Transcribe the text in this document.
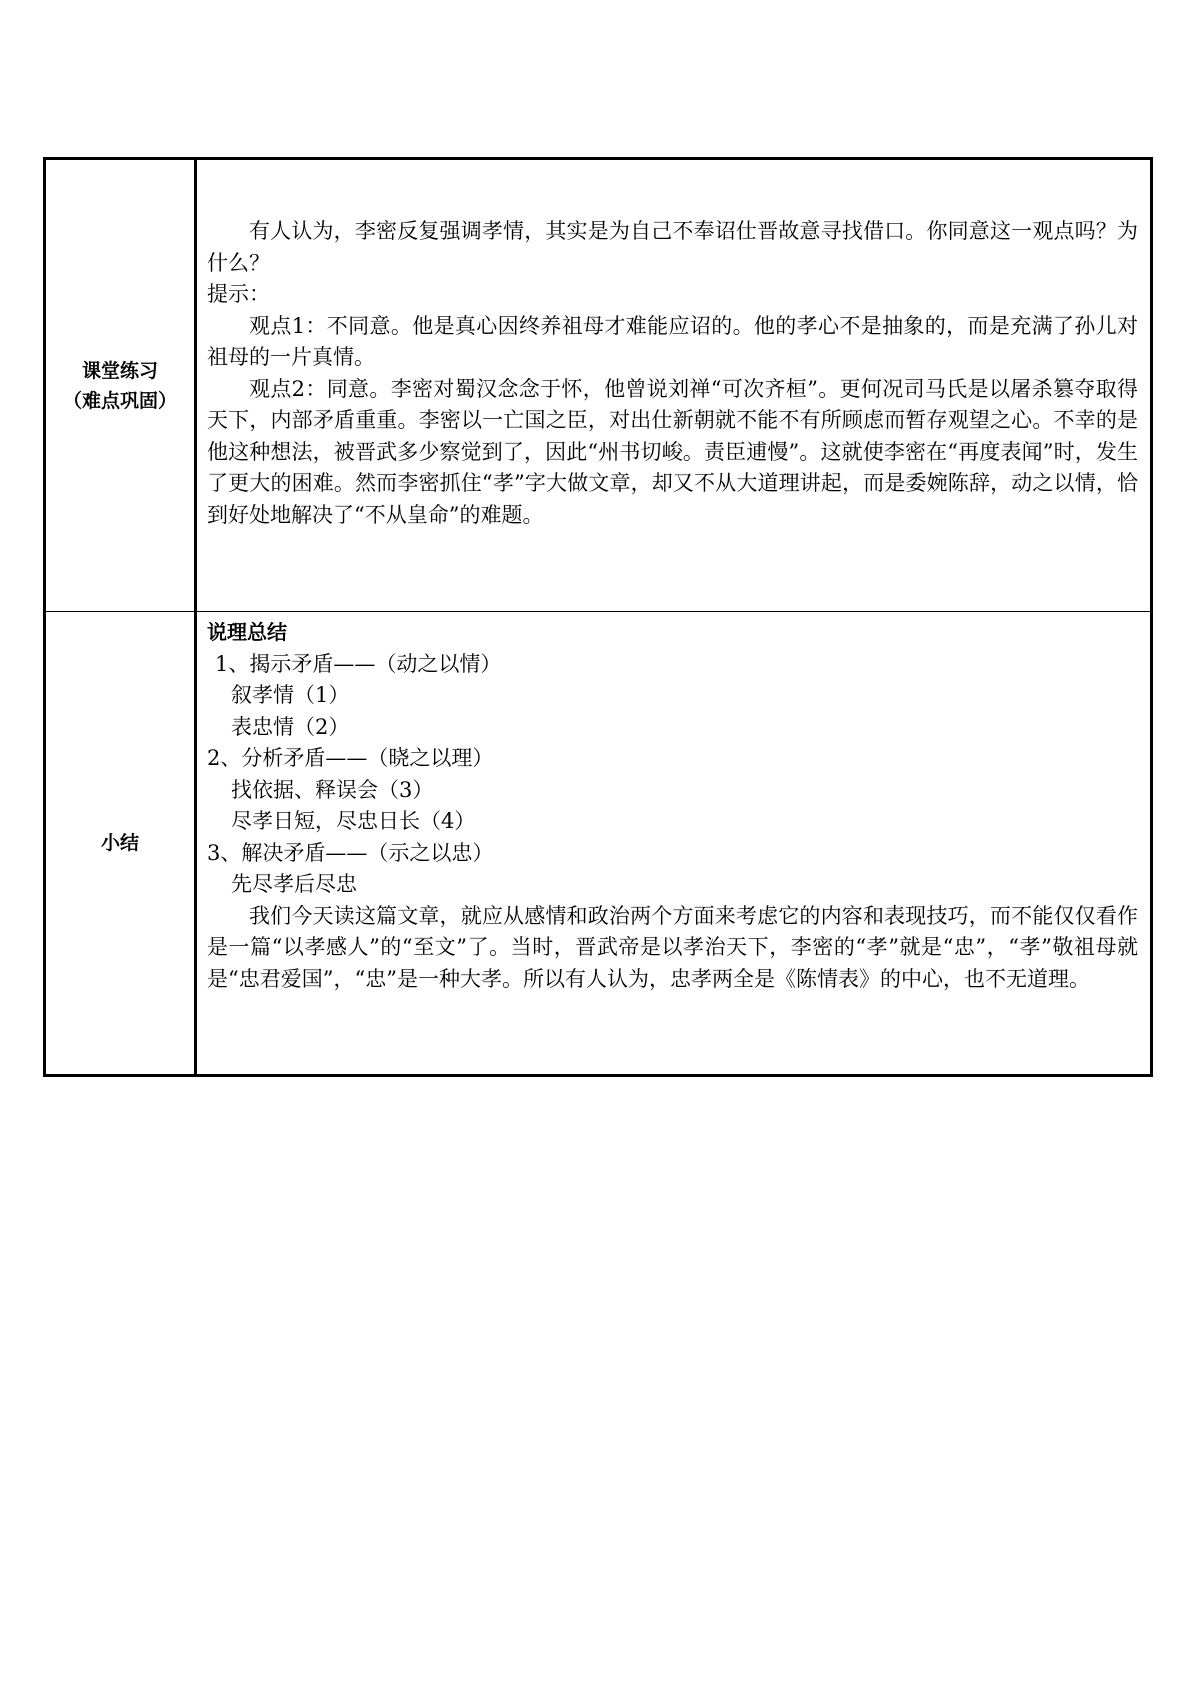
课堂练习
（难点巩固）

有人认为，李密反复强调孝情，其实是为自己不奉诏仕晋故意寻找借口。你同意这一观点吗？为什么？

提示：

观点1：不同意。他是真心因终养祖母才难能应诏的。他的孝心不是抽象的，而是充满了孙儿对祖母的一片真情。

观点2：同意。李密对蜀汉念念于怀，他曾说刘禅“可次齐桓”。更何况司马氏是以屠杀篡夺取得天下，内部矛盾重重。李密以一亡国之臣，对出仕新朝就不能不有所顾虑而暂存观望之心。不幸的是他这种想法，被晋武多少察觉到了，因此“州书切峻。责臣逋慢”。这就使李密在“再度表闻”时，发生了更大的困难。然而李密抓住“孝”字大做文章，却又不从大道理讲起，而是委婉陈辞，动之以情，恰到好处地解决了“不从皇命”的难题。

小结

说理总结

1、揭示矛盾——（动之以情）

叙孝情（1）

表忠情（2）

2、分析矛盾——（晓之以理）

找依据、释误会（3）

尽孝日短，尽忠日长（4）

3、解决矛盾——（示之以忠）

先尽孝后尽忠

我们今天读这篇文章，就应从感情和政治两个方面来考虑它的内容和表现技巧，而不能仅仅看作是一篇“以孝感人”的“至文”了。当时，晋武帝是以孝治天下，李密的“孝”就是“忠”，“孝”敬祖母就是“忠君爱国”，“忠”是一种大孝。所以有人认为，忠孝两全是《陈情表》的中心，也不无道理。
